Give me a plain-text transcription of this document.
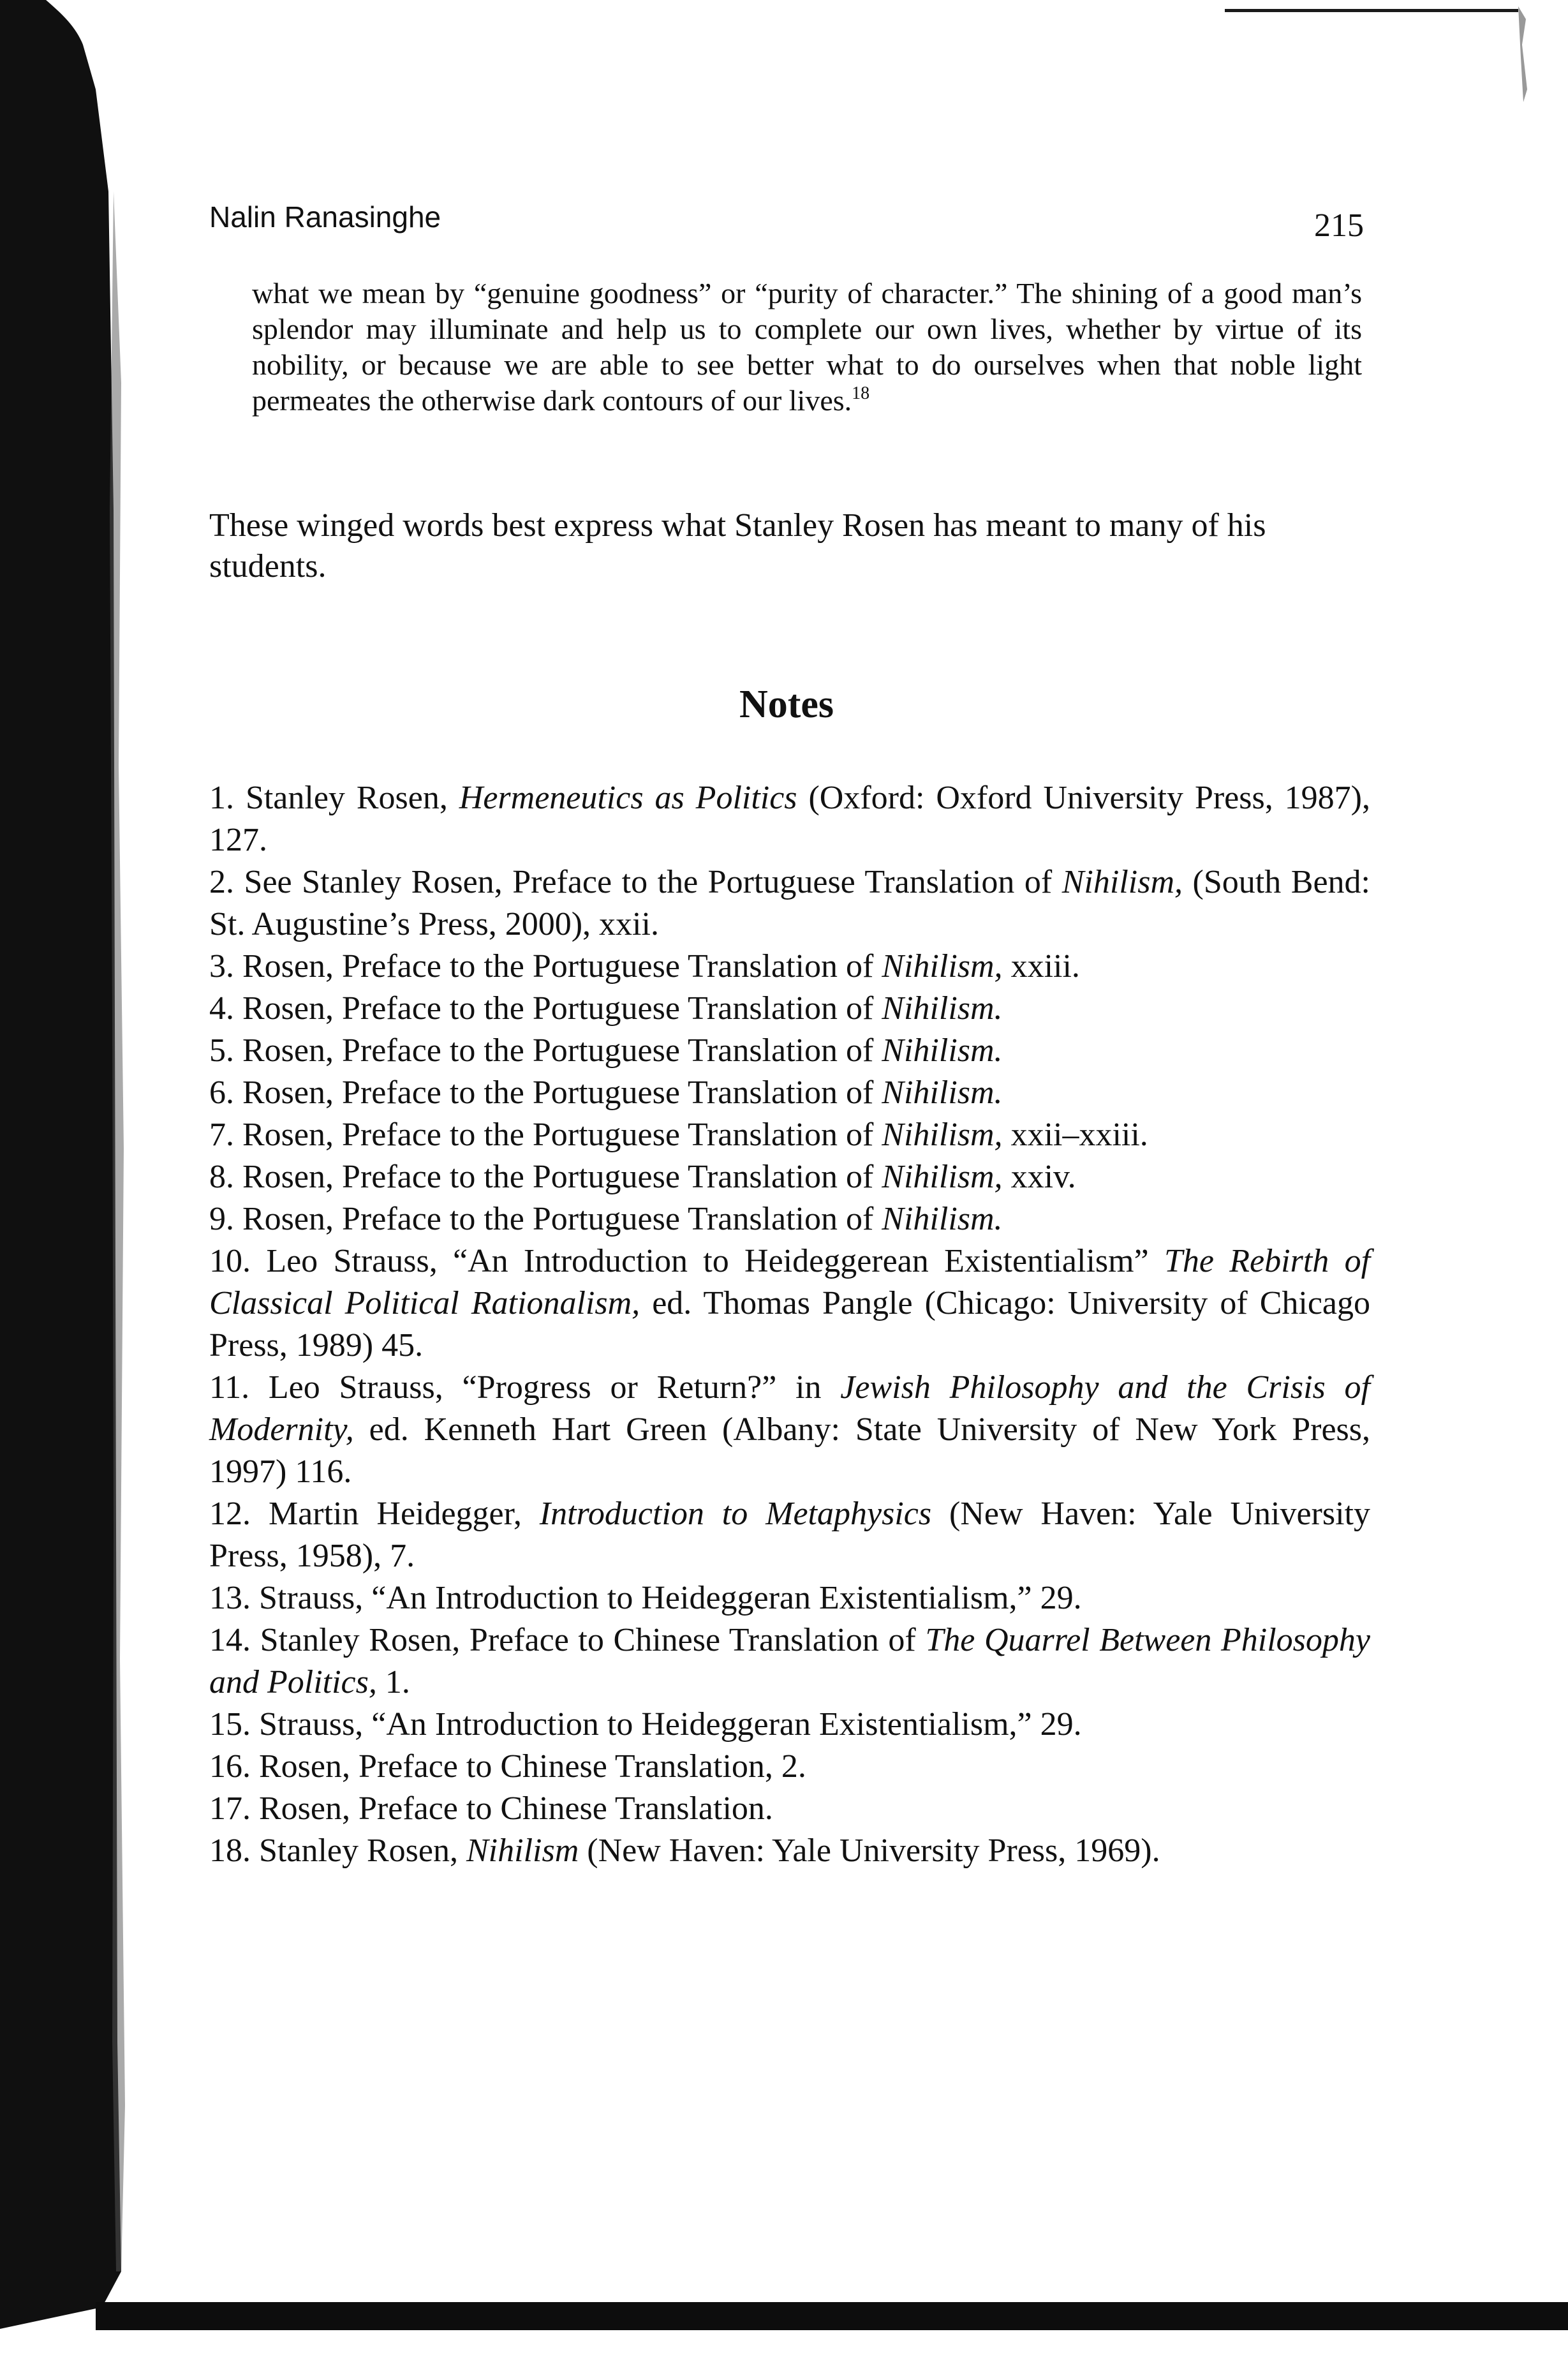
Nalin Ranasinghe	215
what we mean by “genuine goodness” or “purity of character.” The shining of a good man’s splendor may illuminate and help us to complete our own lives, whether by virtue of its nobility, or because we are able to see better what to do ourselves when that noble light permeates the otherwise dark contours of our lives.$^{18}$

These winged words best express what Stanley Rosen has meant to many of his students.

Notes
1. Stanley Rosen, Hermeneutics as Politics (Oxford: Oxford University Press, 1987), 127.
2. See Stanley Rosen, Preface to the Portuguese Translation of Nihilism, (South Bend: St. Augustine’s Press, 2000), xxii.
3. Rosen, Preface to the Portuguese Translation of Nihilism, xxiii.
4. Rosen, Preface to the Portuguese Translation of Nihilism.
5. Rosen, Preface to the Portuguese Translation of Nihilism.
6. Rosen, Preface to the Portuguese Translation of Nihilism.
7. Rosen, Preface to the Portuguese Translation of Nihilism, xxii–xxiii.
8. Rosen, Preface to the Portuguese Translation of Nihilism, xxiv.
9. Rosen, Preface to the Portuguese Translation of Nihilism.
10. Leo Strauss, “An Introduction to Heideggerean Existentialism” The Rebirth of Classical Political Rationalism, ed. Thomas Pangle (Chicago: University of Chicago Press, 1989) 45.
11. Leo Strauss, “Progress or Return?” in Jewish Philosophy and the Crisis of Modernity, ed. Kenneth Hart Green (Albany: State University of New York Press, 1997) 116.
12. Martin Heidegger, Introduction to Metaphysics (New Haven: Yale University Press, 1958), 7.
13. Strauss, “An Introduction to Heideggeran Existentialism,” 29.
14. Stanley Rosen, Preface to Chinese Translation of The Quarrel Between Philosophy and Politics, 1.
15. Strauss, “An Introduction to Heideggeran Existentialism,” 29.
16. Rosen, Preface to Chinese Translation, 2.
17. Rosen, Preface to Chinese Translation.
18. Stanley Rosen, Nihilism (New Haven: Yale University Press, 1969).
